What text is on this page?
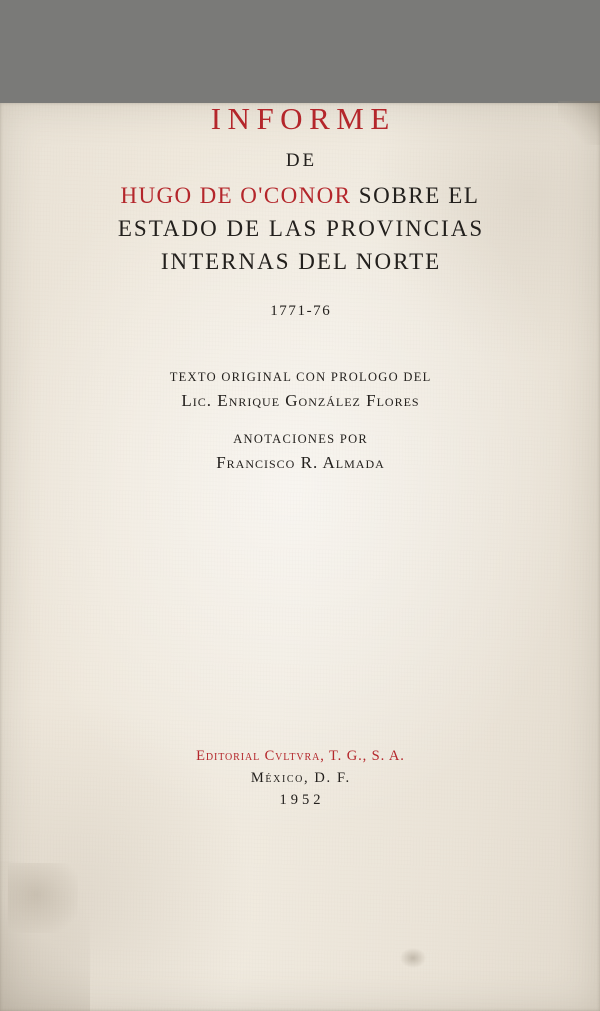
INFORME
DE
HUGO DE O'CONOR SOBRE EL
ESTADO DE LAS PROVINCIAS
INTERNAS DEL NORTE
1771-76
TEXTO ORIGINAL CON PROLOGO DEL
Lic. Enrique González Flores
ANOTACIONES POR
Francisco R. Almada
Editorial Cvltvra, T. G., S. A.
México, D. F.
1952
